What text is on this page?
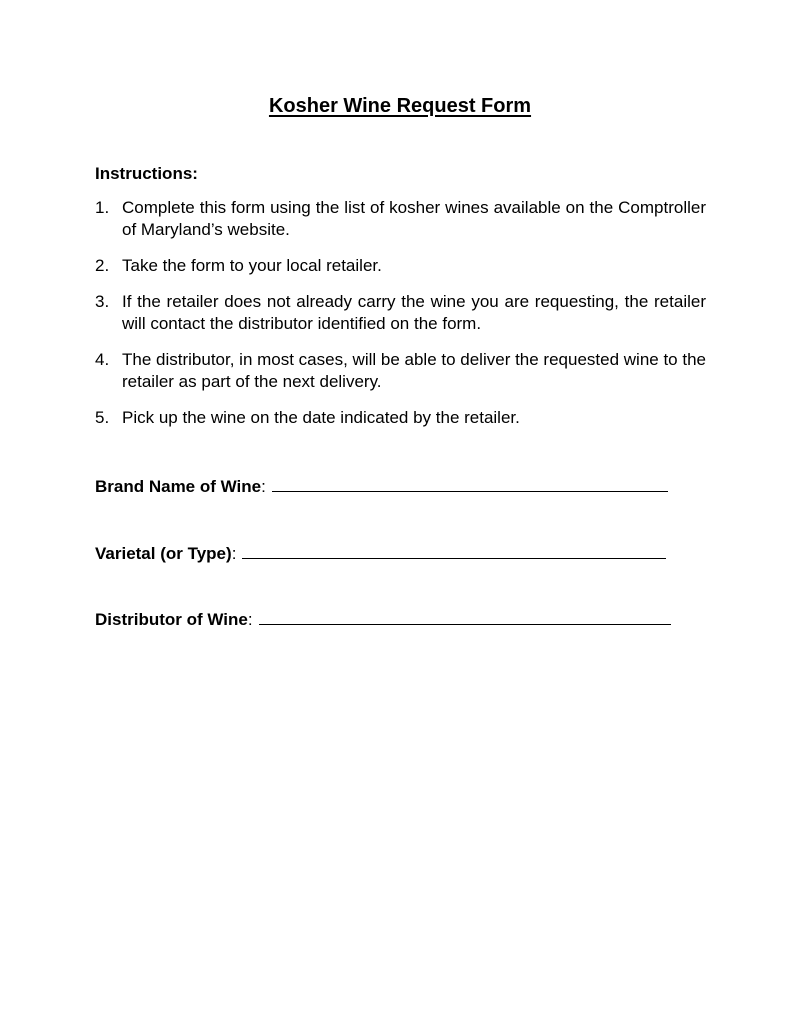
Kosher Wine Request Form
Instructions:
1. Complete this form using the list of kosher wines available on the Comptroller of Maryland’s website.
2. Take the form to your local retailer.
3. If the retailer does not already carry the wine you are requesting, the retailer will contact the distributor identified on the form.
4. The distributor, in most cases, will be able to deliver the requested wine to the retailer as part of the next delivery.
5. Pick up the wine on the date indicated by the retailer.
Brand Name of Wine:
Varietal (or Type):
Distributor of Wine:
